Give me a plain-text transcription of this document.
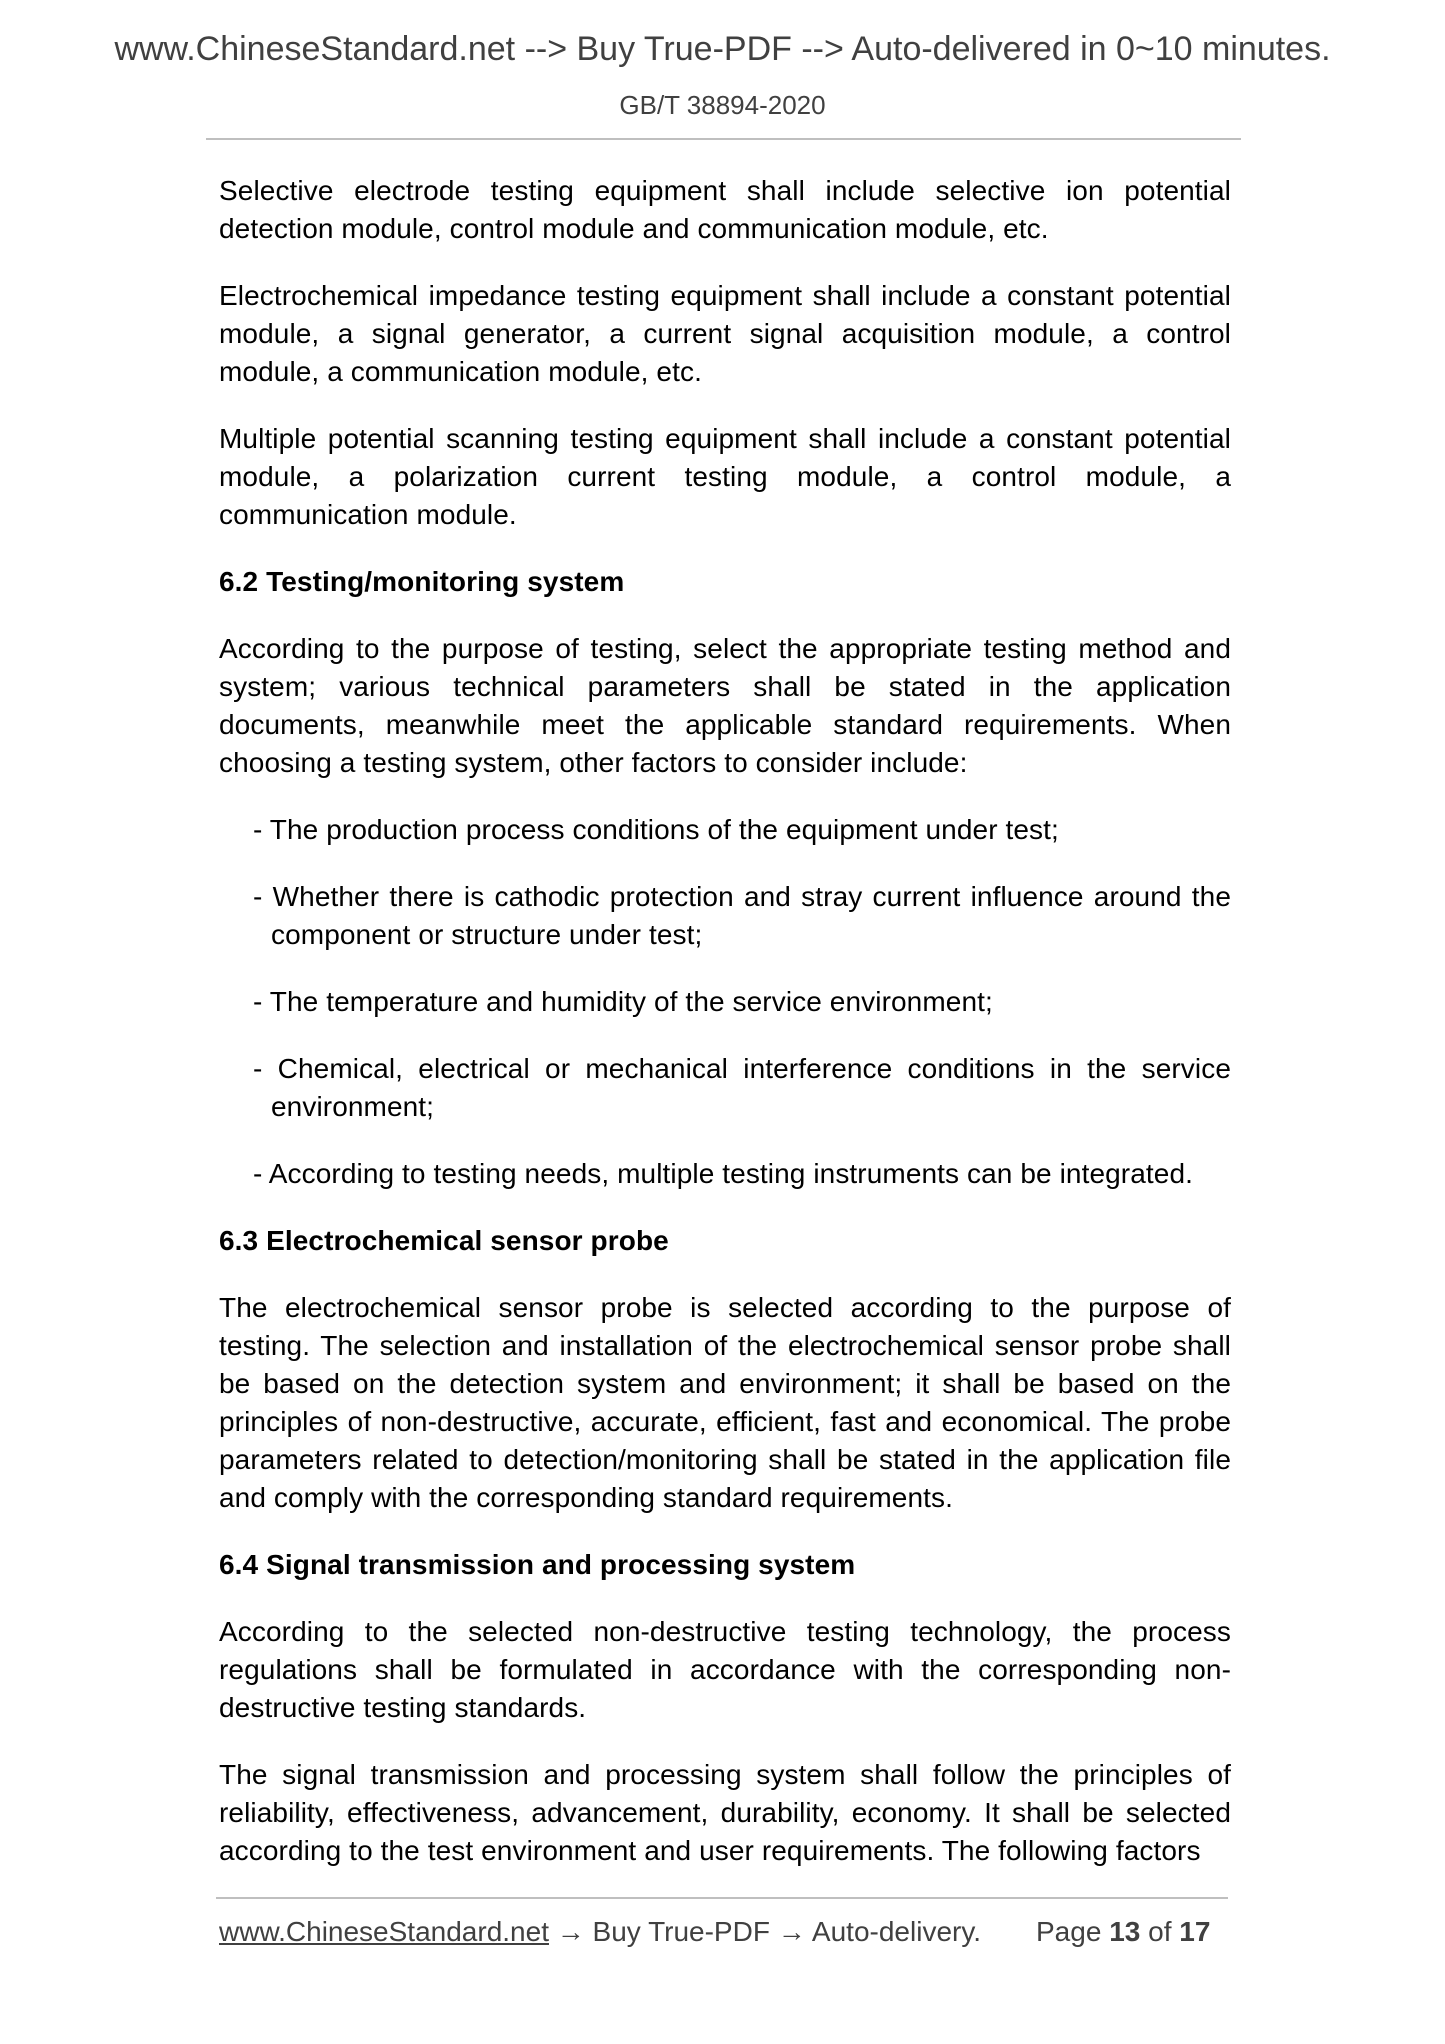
www.ChineseStandard.net --> Buy True-PDF --> Auto-delivered in 0~10 minutes.
GB/T 38894-2020

Selective electrode testing equipment shall include selective ion potential detection module, control module and communication module, etc.

Electrochemical impedance testing equipment shall include a constant potential module, a signal generator, a current signal acquisition module, a control module, a communication module, etc.

Multiple potential scanning testing equipment shall include a constant potential module, a polarization current testing module, a control module, a communication module.

6.2 Testing/monitoring system

According to the purpose of testing, select the appropriate testing method and system; various technical parameters shall be stated in the application documents, meanwhile meet the applicable standard requirements. When choosing a testing system, other factors to consider include:

- The production process conditions of the equipment under test;
- Whether there is cathodic protection and stray current influence around the component or structure under test;
- The temperature and humidity of the service environment;
- Chemical, electrical or mechanical interference conditions in the service environment;
- According to testing needs, multiple testing instruments can be integrated.
6.3 Electrochemical sensor probe

The electrochemical sensor probe is selected according to the purpose of testing. The selection and installation of the electrochemical sensor probe shall be based on the detection system and environment; it shall be based on the principles of non-destructive, accurate, efficient, fast and economical. The probe parameters related to detection/monitoring shall be stated in the application file and comply with the corresponding standard requirements.

6.4 Signal transmission and processing system

According to the selected non-destructive testing technology, the process regulations shall be formulated in accordance with the corresponding non-destructive testing standards.

The signal transmission and processing system shall follow the principles of reliability, effectiveness, advancement, durability, economy. It shall be selected according to the test environment and user requirements. The following factors

www.ChineseStandard.net → Buy True-PDF → Auto-delivery. Page 13 of 17
